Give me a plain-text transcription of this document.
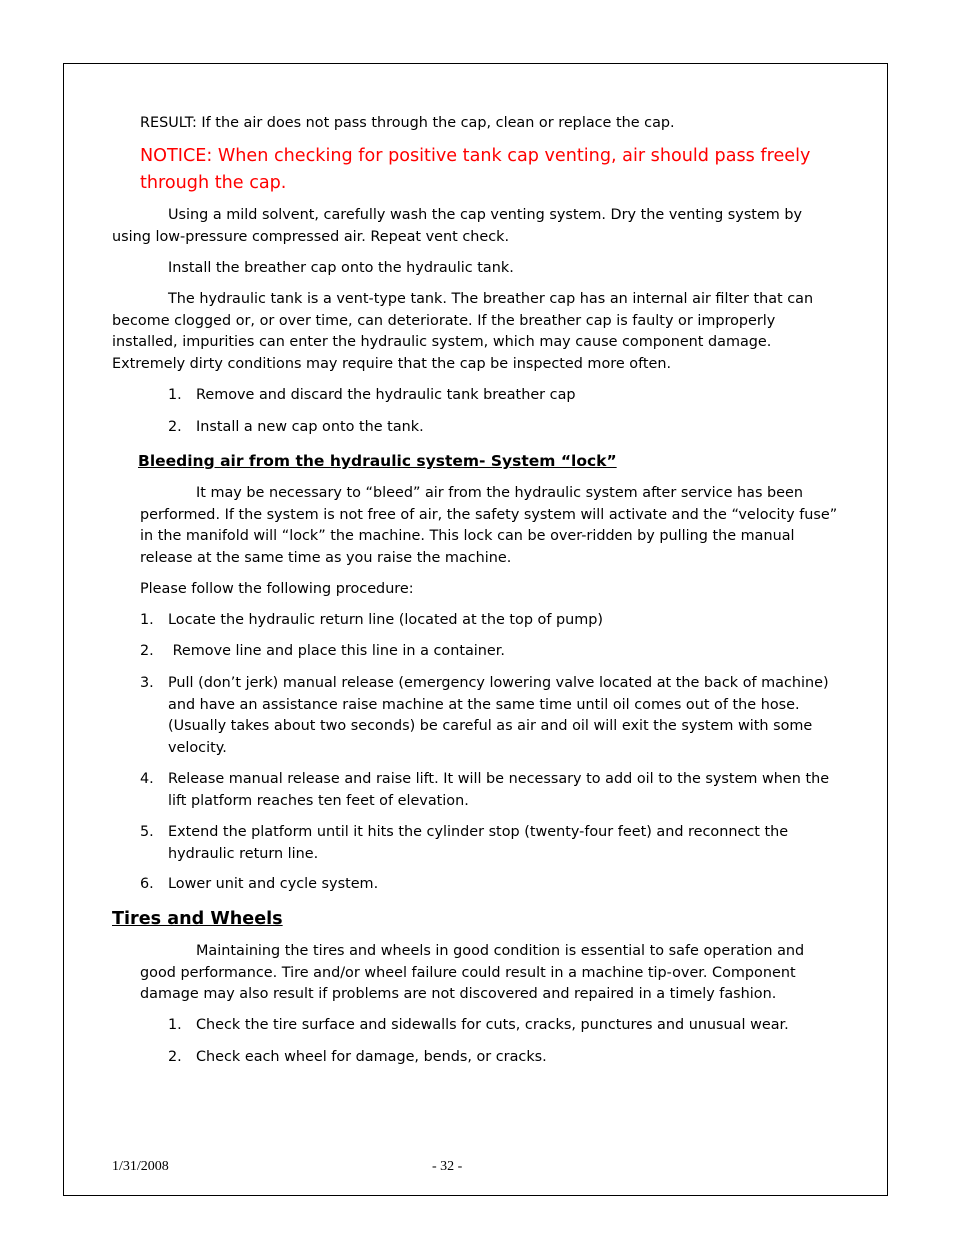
RESULT: If the air does not pass through the cap, clean or replace the cap.

NOTICE: When checking for positive tank cap venting, air should pass freely through the cap.

Using a mild solvent, carefully wash the cap venting system. Dry the venting system by using low-pressure compressed air. Repeat vent check.

Install the breather cap onto the hydraulic tank.

The hydraulic tank is a vent-type tank. The breather cap has an internal air filter that can become clogged or, or over time, can deteriorate. If the breather cap is faulty or improperly installed, impurities can enter the hydraulic system, which may cause component damage. Extremely dirty conditions may require that the cap be inspected more often.

1. Remove and discard the hydraulic tank breather cap

2. Install a new cap onto the tank.

Bleeding air from the hydraulic system- System “lock”

It may be necessary to “bleed” air from the hydraulic system after service has been performed. If the system is not free of air, the safety system will activate and the “velocity fuse” in the manifold will “lock” the machine. This lock can be over-ridden by pulling the manual release at the same time as you raise the machine.

Please follow the following procedure:

1. Locate the hydraulic return line (located at the top of pump)

2. Remove line and place this line in a container.

3. Pull (don’t jerk) manual release (emergency lowering valve located at the back of machine) and have an assistance raise machine at the same time until oil comes out of the hose. (Usually takes about two seconds) be careful as air and oil will exit the system with some velocity.

4. Release manual release and raise lift. It will be necessary to add oil to the system when the lift platform reaches ten feet of elevation.

5. Extend the platform until it hits the cylinder stop (twenty-four feet) and reconnect the hydraulic return line.

6. Lower unit and cycle system.

Tires and Wheels

Maintaining the tires and wheels in good condition is essential to safe operation and good performance. Tire and/or wheel failure could result in a machine tip-over. Component damage may also result if problems are not discovered and repaired in a timely fashion.

1. Check the tire surface and sidewalls for cuts, cracks, punctures and unusual wear.

2. Check each wheel for damage, bends, or cracks.

1/31/2008	- 32 -
